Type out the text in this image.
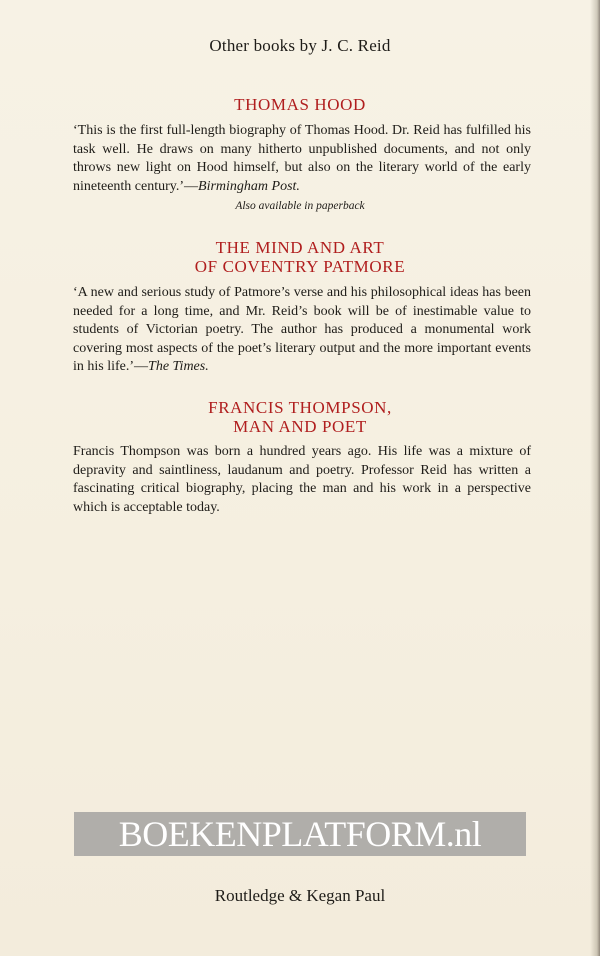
Other books by J. C. Reid
THOMAS HOOD
‘This is the first full-length biography of Thomas Hood. Dr. Reid has fulfilled his task well. He draws on many hitherto unpublished documents, and not only throws new light on Hood himself, but also on the literary world of the early nineteenth century.’—Birmingham Post.
Also available in paperback
THE MIND AND ART
OF COVENTRY PATMORE
‘A new and serious study of Patmore’s verse and his philosophical ideas has been needed for a long time, and Mr. Reid’s book will be of inestimable value to students of Victorian poetry. The author has produced a monumental work covering most aspects of the poet’s literary output and the more important events in his life.’—The Times.
FRANCIS THOMPSON,
MAN AND POET
Francis Thompson was born a hundred years ago. His life was a mixture of depravity and saintliness, laudanum and poetry. Professor Reid has written a fascinating critical biography, placing the man and his work in a perspective which is acceptable today.
BOEKENPLATFORM.nl
Routledge & Kegan Paul
